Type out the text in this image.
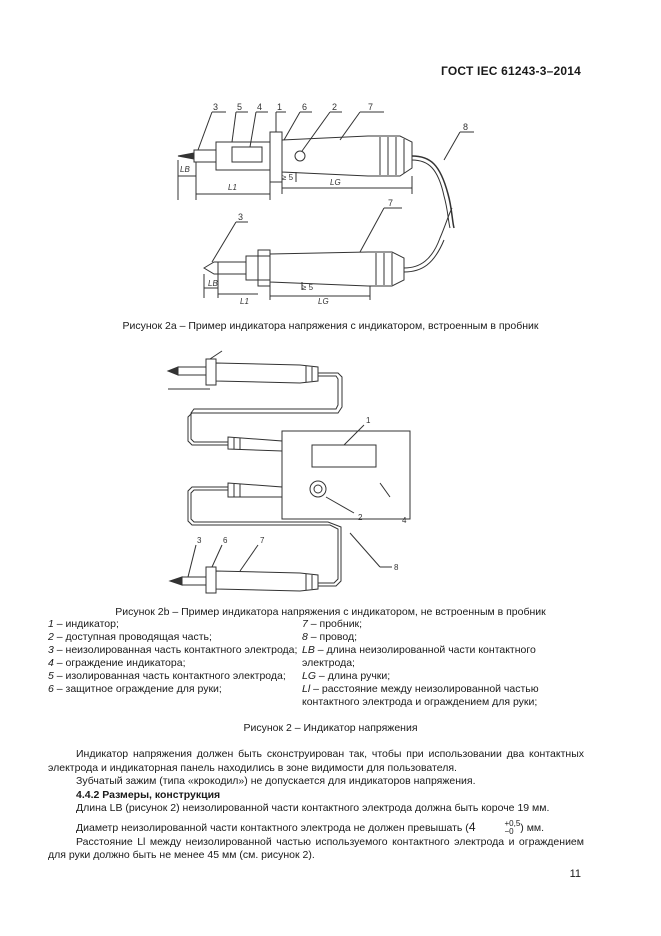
ГОСТ IEC 61243-3–2014
3 5 4 1 6	2	7
8
LB
L1
LG
≥ 5
3
7
LB
L1	LG
≥ 5
Рисунок 2a – Пример индикатора напряжения с индикатором, встроенным в пробник
1
2
3	6	7
8
4
Рисунок 2b – Пример индикатора напряжения с индикатором, не встроенным в пробник
1 – индикатор;
2 – доступная проводящая часть;
3 – неизолированная часть контактного электрода;
4 – ограждение индикатора;
5 – изолированная часть контактного электрода;
6 – защитное ограждение для руки;
7 – пробник;
8 – провод;
LB – длина неизолированной части контактного электрода;
LG – длина ручки;
Ll – расстояние между неизолированной частью контактного электрода и ограждением для руки;
Рисунок 2 – Индикатор напряжения
Индикатор напряжения должен быть сконструирован так, чтобы при использовании два контактных электрода и индикаторная панель находились в зоне видимости для пользователя.
Зубчатый зажим (типа «крокодил») не допускается для индикаторов напряжения.
4.4.2 Размеры, конструкция
Длина LB (рисунок 2) неизолированной части контактного электрода должна быть короче 19 мм.
Диаметр неизолированной части контактного электрода не должен превышать (4	+0,5
−0 ) мм.
Расстояние Ll между неизолированной частью используемого контактного электрода и ограждением для руки должно быть не менее 45 мм (см. рисунок 2).
11
